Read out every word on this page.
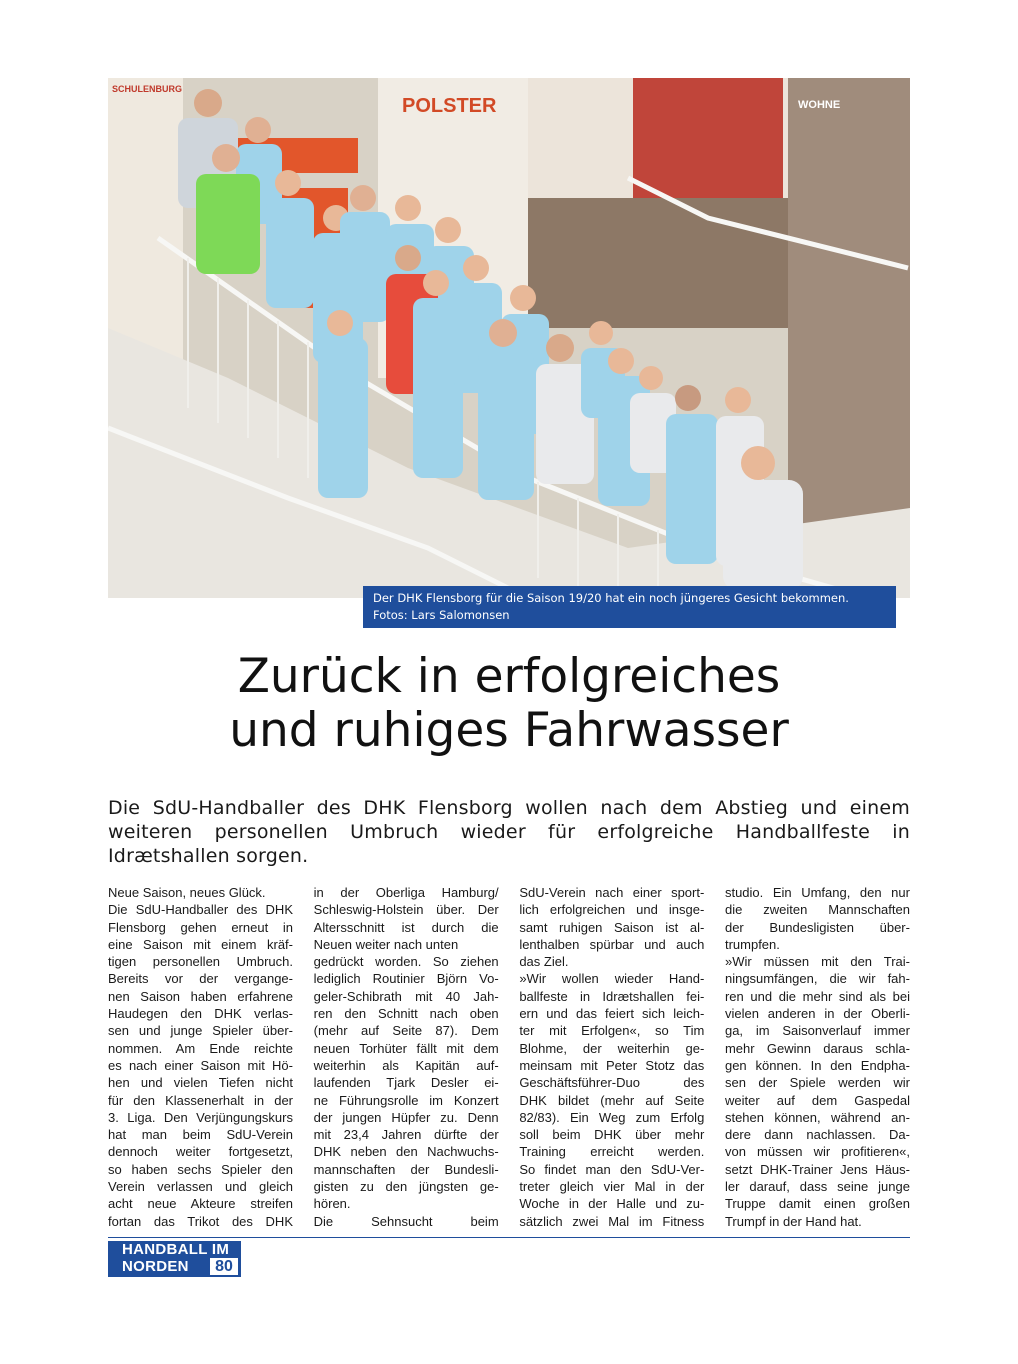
POLSTER	WOHNE
SCHULENBURG
Der DHK Flensborg für die Saison 19/20 hat ein noch jüngeres Gesicht bekommen.
Fotos: Lars Salomonsen
Zurück in erfolgreiches
und ruhiges Fahrwasser

Die SdU-Handballer des DHK Flensborg wollen nach dem Abstieg und einem weiteren personellen Umbruch wieder für erfolgreiche Handballfeste in Idrætshallen sorgen.

Neue Saison, neues Glück.
Die SdU-Handballer des DHK
Flensborg gehen erneut in
eine Saison mit einem kräf-
tigen personellen Umbruch.
Bereits vor der vergange-
nen Saison haben erfahrene
Haudegen den DHK verlas-
sen und junge Spieler über-
nommen. Am Ende reichte
es nach einer Saison mit Hö-
hen und vielen Tiefen nicht
für den Klassenerhalt in der
3. Liga. Den Verjüngungskurs
hat man beim SdU-Verein
dennoch weiter fortgesetzt,
so haben sechs Spieler den
Verein verlassen und gleich
acht neue Akteure streifen
fortan das Trikot des DHK
in der Oberliga Hamburg/
Schleswig-Holstein über. Der
Altersschnitt ist durch die
Neuen weiter nach unten
gedrückt worden. So ziehen
lediglich Routinier Björn Vo-
geler-Schibrath mit 40 Jah-
ren den Schnitt nach oben
(mehr auf Seite 87). Dem
neuen Torhüter fällt mit dem
weiterhin als Kapitän auf-
laufenden Tjark Desler ei-
ne Führungsrolle im Konzert
der jungen Hüpfer zu. Denn
mit 23,4 Jahren dürfte der
DHK neben den Nachwuchs-
mannschaften der Bundesli-
gisten zu den jüngsten ge-
hören.
Die Sehnsucht beim
SdU-Verein nach einer sport-
lich erfolgreichen und insge-
samt ruhigen Saison ist al-
lenthalben spürbar und auch
das Ziel.
»Wir wollen wieder Hand-
ballfeste in Idrætshallen fei-
ern und das feiert sich leich-
ter mit Erfolgen«, so Tim
Blohme, der weiterhin ge-
meinsam mit Peter Stotz das
Geschäftsführer-Duo des
DHK bildet (mehr auf Seite
82/83). Ein Weg zum Erfolg
soll beim DHK über mehr
Training erreicht werden.
So findet man den SdU-Ver-
treter gleich vier Mal in der
Woche in der Halle und zu-
sätzlich zwei Mal im Fitness
studio. Ein Umfang, den nur
die zweiten Mannschaften
der Bundesligisten über-
trumpfen.
»Wir müssen mit den Trai-
ningsumfängen, die wir fah-
ren und die mehr sind als bei
vielen anderen in der Oberli-
ga, im Saisonverlauf immer
mehr Gewinn daraus schla-
gen können. In den Endpha-
sen der Spiele werden wir
weiter auf dem Gaspedal
stehen können, während an-
dere dann nachlassen. Da-
von müssen wir profitieren«,
setzt DHK-Trainer Jens Häus-
ler darauf, dass seine junge
Truppe damit einen großen
Trumpf in der Hand hat.
HANDBALL IM
NORDEN	80
